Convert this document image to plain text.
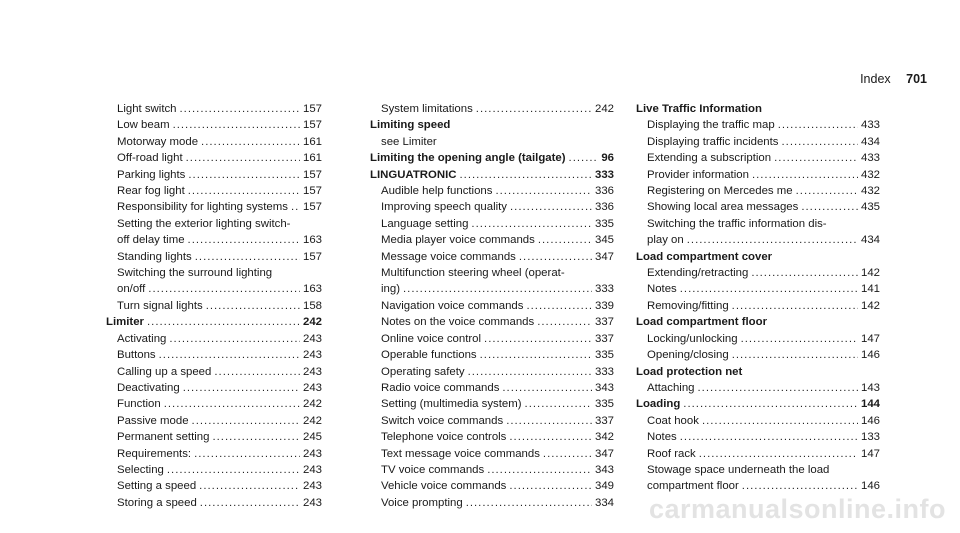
Index 701
Light switch .....	157
Low beam .....	157
Motorway mode .....	161
Off-road light .....	161
Parking lights .....	157
Rear fog light .....	157
Responsibility for lighting systems ..... 157
Setting the exterior lighting switch-
off delay time .....	163
Standing lights .....	157
Switching the surround lighting
on/off .....	163
Turn signal lights .....	158
Limiter .....	242
Activating .....	243
Buttons .....	243
Calling up a speed .....	243
Deactivating .....	243
Function .....	242
Passive mode .....	242
Permanent setting .....	245
Requirements: .....	243
Selecting .....	243
Setting a speed .....	243
Storing a speed .....	243
System limitations .....	242
Limiting speed
see Limiter
Limiting the opening angle (tailgate) .....	96
LINGUATRONIC .....	333
Audible help functions .....	336
Improving speech quality .....	336
Language setting .....	335
Media player voice commands .....	345
Message voice commands .....	347
Multifunction steering wheel (operat-
ing) .....	333
Navigation voice commands .....	339
Notes on the voice commands .....	337
Online voice control .....	337
Operable functions .....	335
Operating safety .....	333
Radio voice commands .....	343
Setting (multimedia system) .....	335
Switch voice commands .....	337
Telephone voice controls .....	342
Text message voice commands .....	347
TV voice commands .....	343
Vehicle voice commands .....	349
Voice prompting .....	334
Live Traffic Information
Displaying the traffic map .....	433
Displaying traffic incidents .....	434
Extending a subscription .....	433
Provider information .....	432
Registering on Mercedes me .....	432
Showing local area messages .....	435
Switching the traffic information dis-
play on .....	434
Load compartment cover
Extending/retracting .....	142
Notes .....	141
Removing/fitting .....	142
Load compartment floor
Locking/unlocking .....	147
Opening/closing .....	146
Load protection net
Attaching .....	143
Loading .....	144
Coat hook .....	146
Notes .....	133
Roof rack .....	147
Stowage space underneath the load
compartment floor .....	146
carmanualsonline.info
